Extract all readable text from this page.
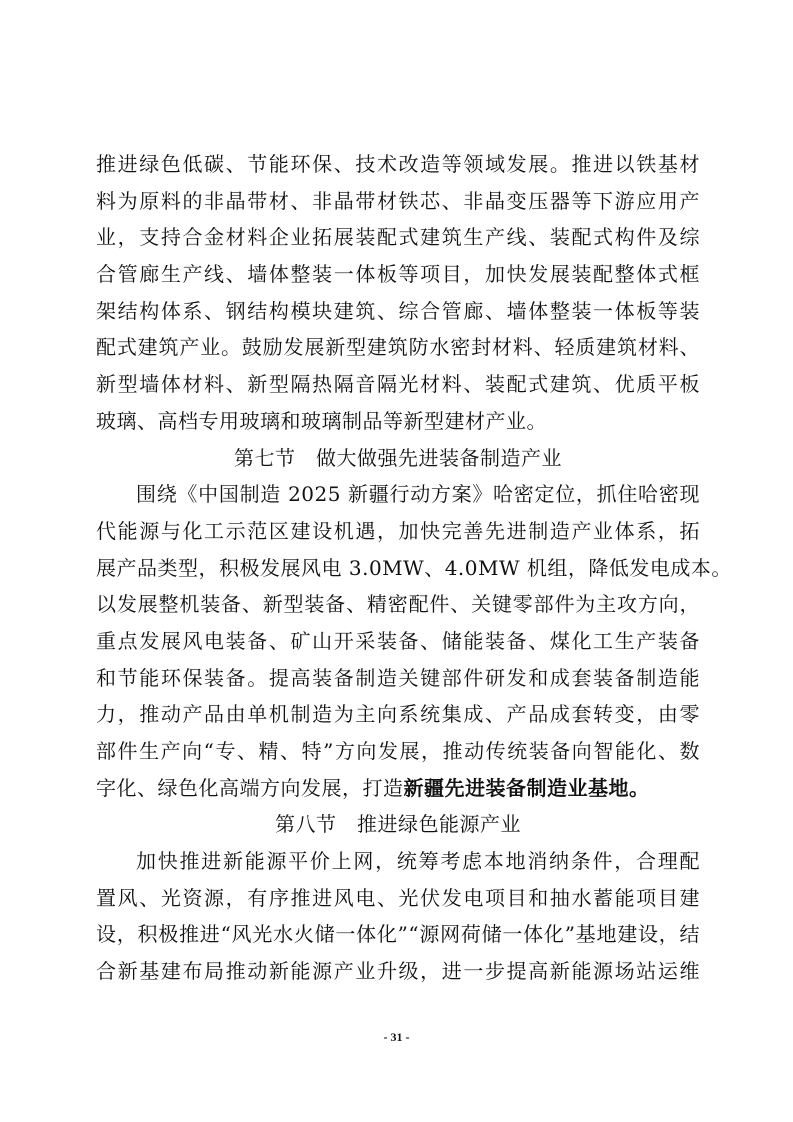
推进绿色低碳、节能环保、技术改造等领域发展。推进以铁基材
料为原料的非晶带材、非晶带材铁芯、非晶变压器等下游应用产
业，支持合金材料企业拓展装配式建筑生产线、装配式构件及综
合管廊生产线、墙体整装一体板等项目，加快发展装配整体式框
架结构体系、钢结构模块建筑、综合管廊、墙体整装一体板等装
配式建筑产业。鼓励发展新型建筑防水密封材料、轻质建筑材料、
新型墙体材料、新型隔热隔音隔光材料、装配式建筑、优质平板
玻璃、高档专用玻璃和玻璃制品等新型建材产业。
第七节　做大做强先进装备制造产业
围绕《中国制造 2025 新疆行动方案》哈密定位，抓住哈密现
代能源与化工示范区建设机遇，加快完善先进制造产业体系，拓
展产品类型，积极发展风电 3.0MW、4.0MW 机组，降低发电成本。
以发展整机装备、新型装备、精密配件、关键零部件为主攻方向，
重点发展风电装备、矿山开采装备、储能装备、煤化工生产装备
和节能环保装备。提高装备制造关键部件研发和成套装备制造能
力，推动产品由单机制造为主向系统集成、产品成套转变，由零
部件生产向“专、精、特”方向发展，推动传统装备向智能化、数
字化、绿色化高端方向发展，打造新疆先进装备制造业基地。
第八节　推进绿色能源产业
加快推进新能源平价上网，统筹考虑本地消纳条件，合理配
置风、光资源，有序推进风电、光伏发电项目和抽水蓄能项目建
设，积极推进“风光水火储一体化”“源网荷储一体化”基地建设，结
合新基建布局推动新能源产业升级，进一步提高新能源场站运维
- 31 -
